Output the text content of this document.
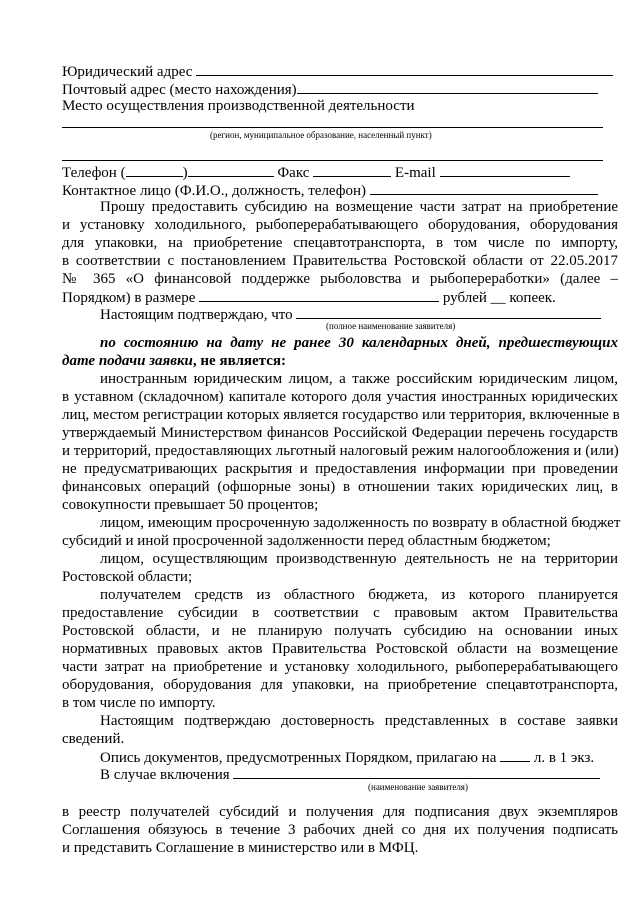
Юридический адрес
Почтовый адрес (место нахождения)
Место осуществления производственной деятельности
(регион, муниципальное образование, населенный пункт)
Телефон (	)	Факс	E-mail
Контактное лицо (Ф.И.О., должность, телефон)
Прошу предоставить субсидию на возмещение части затрат на приобретение
и установку холодильного, рыбоперерабатывающего оборудования, оборудования
для упаковки, на приобретение спецавтотранспорта, в том числе по импорту,
в соответствии с постановлением Правительства Ростовской области от 22.05.2017
№ 365 «О финансовой поддержке рыболовства и рыбопереработки» (далее –
Порядком) в размере	рублей __ копеек.
Настоящим подтверждаю, что
(полное наименование заявителя)
по состоянию на дату не ранее 30 календарных дней, предшествующих
дате подачи заявки, не является:
иностранным юридическим лицом, а также российским юридическим лицом,
в уставном (складочном) капитале которого доля участия иностранных юридических
лиц, местом регистрации которых является государство или территория, включенные в
утверждаемый Министерством финансов Российской Федерации перечень государств
и территорий, предоставляющих льготный налоговый режим налогообложения и (или)
не предусматривающих раскрытия и предоставления информации при проведении
финансовых операций (офшорные зоны) в отношении таких юридических лиц, в
совокупности превышает 50 процентов;
лицом, имеющим просроченную задолженность по возврату в областной бюджет
субсидий и иной просроченной задолженности перед областным бюджетом;
лицом, осуществляющим производственную деятельность не на территории
Ростовской области;
получателем средств из областного бюджета, из которого планируется
предоставление субсидии в соответствии с правовым актом Правительства
Ростовской области, и не планирую получать субсидию на основании иных
нормативных правовых актов Правительства Ростовской области на возмещение
части затрат на приобретение и установку холодильного, рыбоперерабатывающего
оборудования, оборудования для упаковки, на приобретение спецавтотранспорта,
в том числе по импорту.
Настоящим подтверждаю достоверность представленных в составе заявки
сведений.
Опись документов, предусмотренных Порядком, прилагаю на	л. в 1 экз.
В случае включения
(наименование заявителя)
в реестр получателей субсидий и получения для подписания двух экземпляров
Соглашения обязуюсь в течение 3 рабочих дней со дня их получения подписать
и представить Соглашение в министерство или в МФЦ.
